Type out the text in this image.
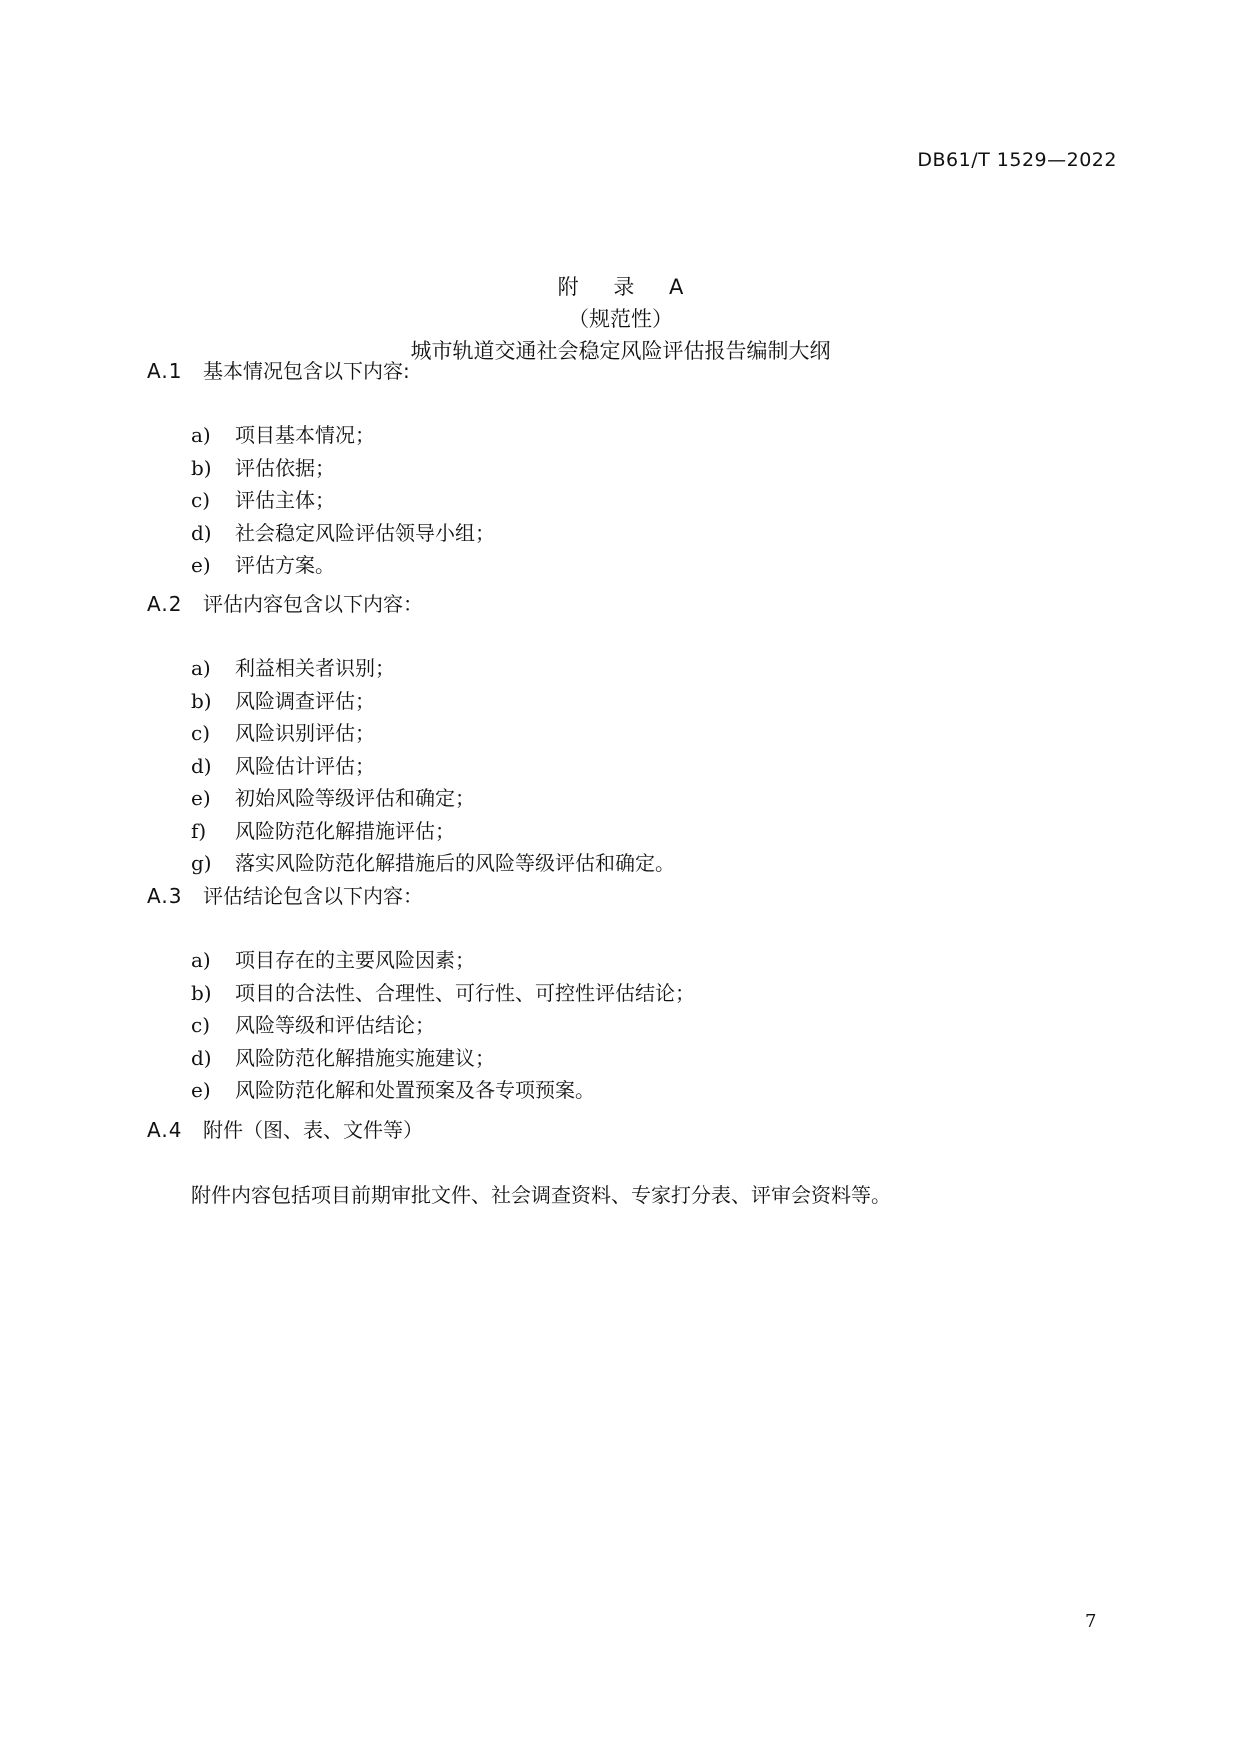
DB61/T 1529—2022
附 录 A
（规范性）
城市轨道交通社会稳定风险评估报告编制大纲
A.1 基本情况包含以下内容:
a) 项目基本情况；
b) 评估依据；
c) 评估主体；
d) 社会稳定风险评估领导小组；
e) 评估方案。
A.2 评估内容包含以下内容：
a) 利益相关者识别；
b) 风险调查评估；
c) 风险识别评估；
d) 风险估计评估；
e) 初始风险等级评估和确定；
f) 风险防范化解措施评估；
g) 落实风险防范化解措施后的风险等级评估和确定。
A.3 评估结论包含以下内容：
a) 项目存在的主要风险因素；
b) 项目的合法性、合理性、可行性、可控性评估结论；
c) 风险等级和评估结论；
d) 风险防范化解措施实施建议；
e) 风险防范化解和处置预案及各专项预案。
A.4 附件（图、表、文件等）
附件内容包括项目前期审批文件、社会调查资料、专家打分表、评审会资料等。
7
